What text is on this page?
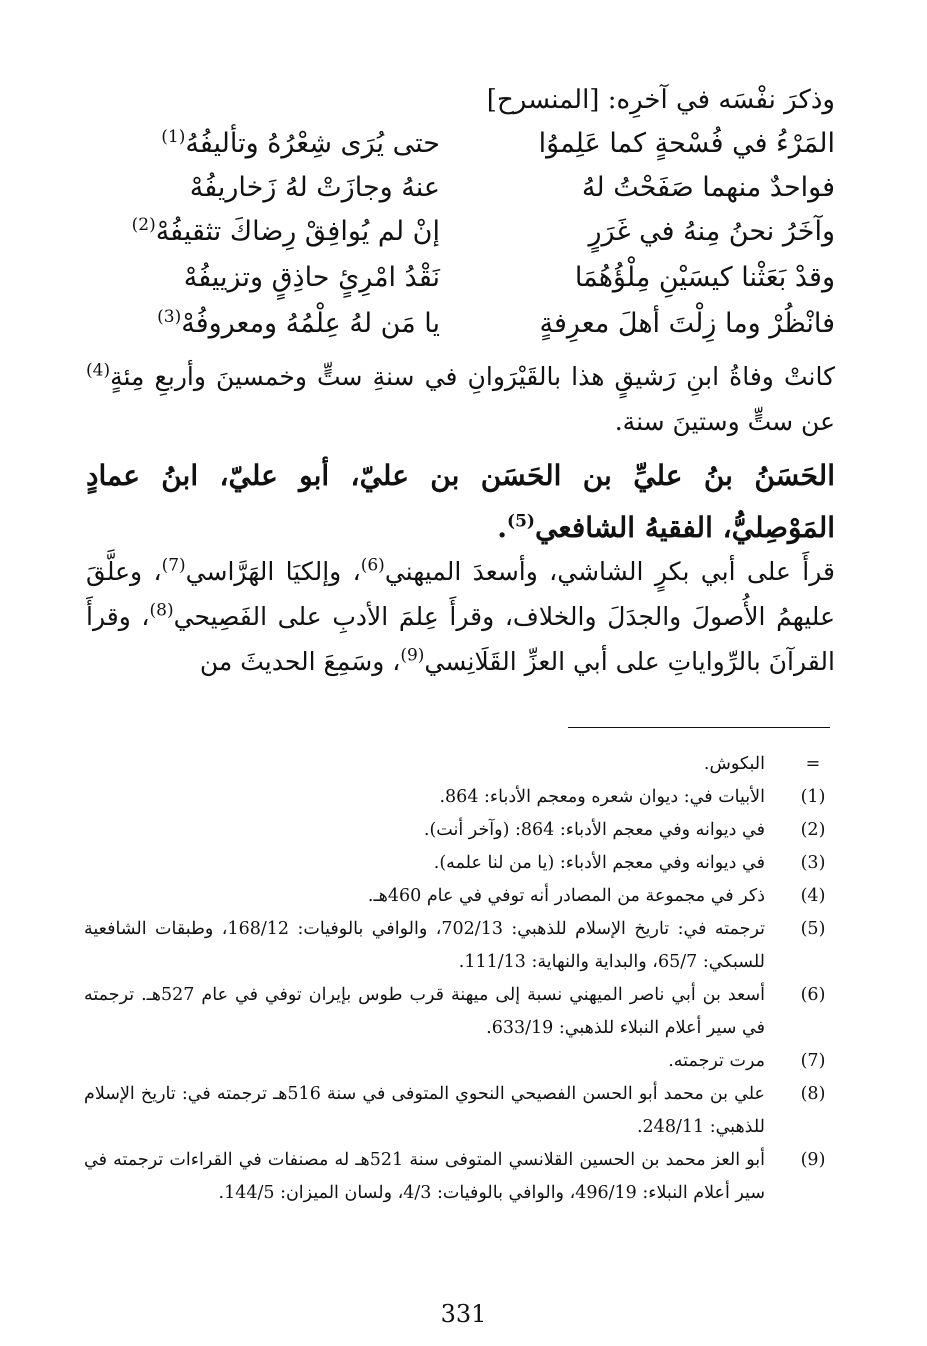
وذكرَ نفْسَه في آخرِه: [المنسرح]
المَرْءُ في فُسْحةٍ كما عَلِموُا
حتى يُرَى شِعْرُهُ وتأليفُهُ$^{(1)}$
فواحدٌ منهما صَفَحْتُ لهُ
عنهُ وجازَتْ لهُ زَخاريفُهْ
وآخَرُ نحنُ مِنهُ في غَرَرٍ
إنْ لم يُوافِقْ رِضاكَ تثقيفُهْ$^{(2)}$
وقدْ بَعَثْنا كيسَيْنِ مِلْؤُهُمَا
نَقْدُ امْرِئٍ حاذِقٍ وتزييفُهْ
فانْظُرْ وما زِلْتَ أهلَ معرِفةٍ
يا مَن لهُ عِلْمُهُ ومعروفُهْ$^{(3)}$
كانتْ وفاةُ ابنِ رَشيقٍ هذا بالقَيْرَوانِ في سنةِ ستٍّ وخمسينَ وأربعِ مِئةٍ$^{(4)}$ عن ستٍّ وستينَ سنة.
الحَسَنُ بنُ عليِّ بن الحَسَن بن عليّ، أبو عليّ، ابنُ عمادٍ المَوْصِليُّ، الفقيهُ الشافعي$^{(5)}$.
قرأَ على أبي بكرٍ الشاشي، وأسعدَ الميهني$^{(6)}$، وإلكيَا الهَرَّاسي$^{(7)}$، وعلَّقَ عليهمُ الأُصولَ والجدَلَ والخلاف، وقرأَ عِلمَ الأدبِ على الفَصِيحي$^{(8)}$، وقرأَ القرآنَ بالرِّواياتِ على أبي العزِّ القَلَانِسي$^{(9)}$، وسَمِعَ الحديثَ من
=
البكوش.
(1)
الأبيات في: ديوان شعره ومعجم الأدباء: 864.
(2)
في ديوانه وفي معجم الأدباء: 864: (وآخر أنت).
(3)
في ديوانه وفي معجم الأدباء: (يا من لنا علمه).
(4)
ذكر في مجموعة من المصادر أنه توفي في عام 460هـ.
(5)
ترجمته في: تاريخ الإسلام للذهبي: 702/13، والوافي بالوفيات: 168/12، وطبقات الشافعية للسبكي: 65/7، والبداية والنهاية: 111/13.
(6)
أسعد بن أبي ناصر الميهني نسبة إلى ميهنة قرب طوس بإيران توفي في عام 527هـ. ترجمته في سير أعلام النبلاء للذهبي: 633/19.
(7)
مرت ترجمته.
(8)
علي بن محمد أبو الحسن الفصيحي النحوي المتوفى في سنة 516هـ ترجمته في: تاريخ الإسلام للذهبي: 248/11.
(9)
أبو العز محمد بن الحسين القلانسي المتوفى سنة 521هـ له مصنفات في القراءات ترجمته في سير أعلام النبلاء: 496/19، والوافي بالوفيات: 4/3، ولسان الميزان: 144/5.
331
